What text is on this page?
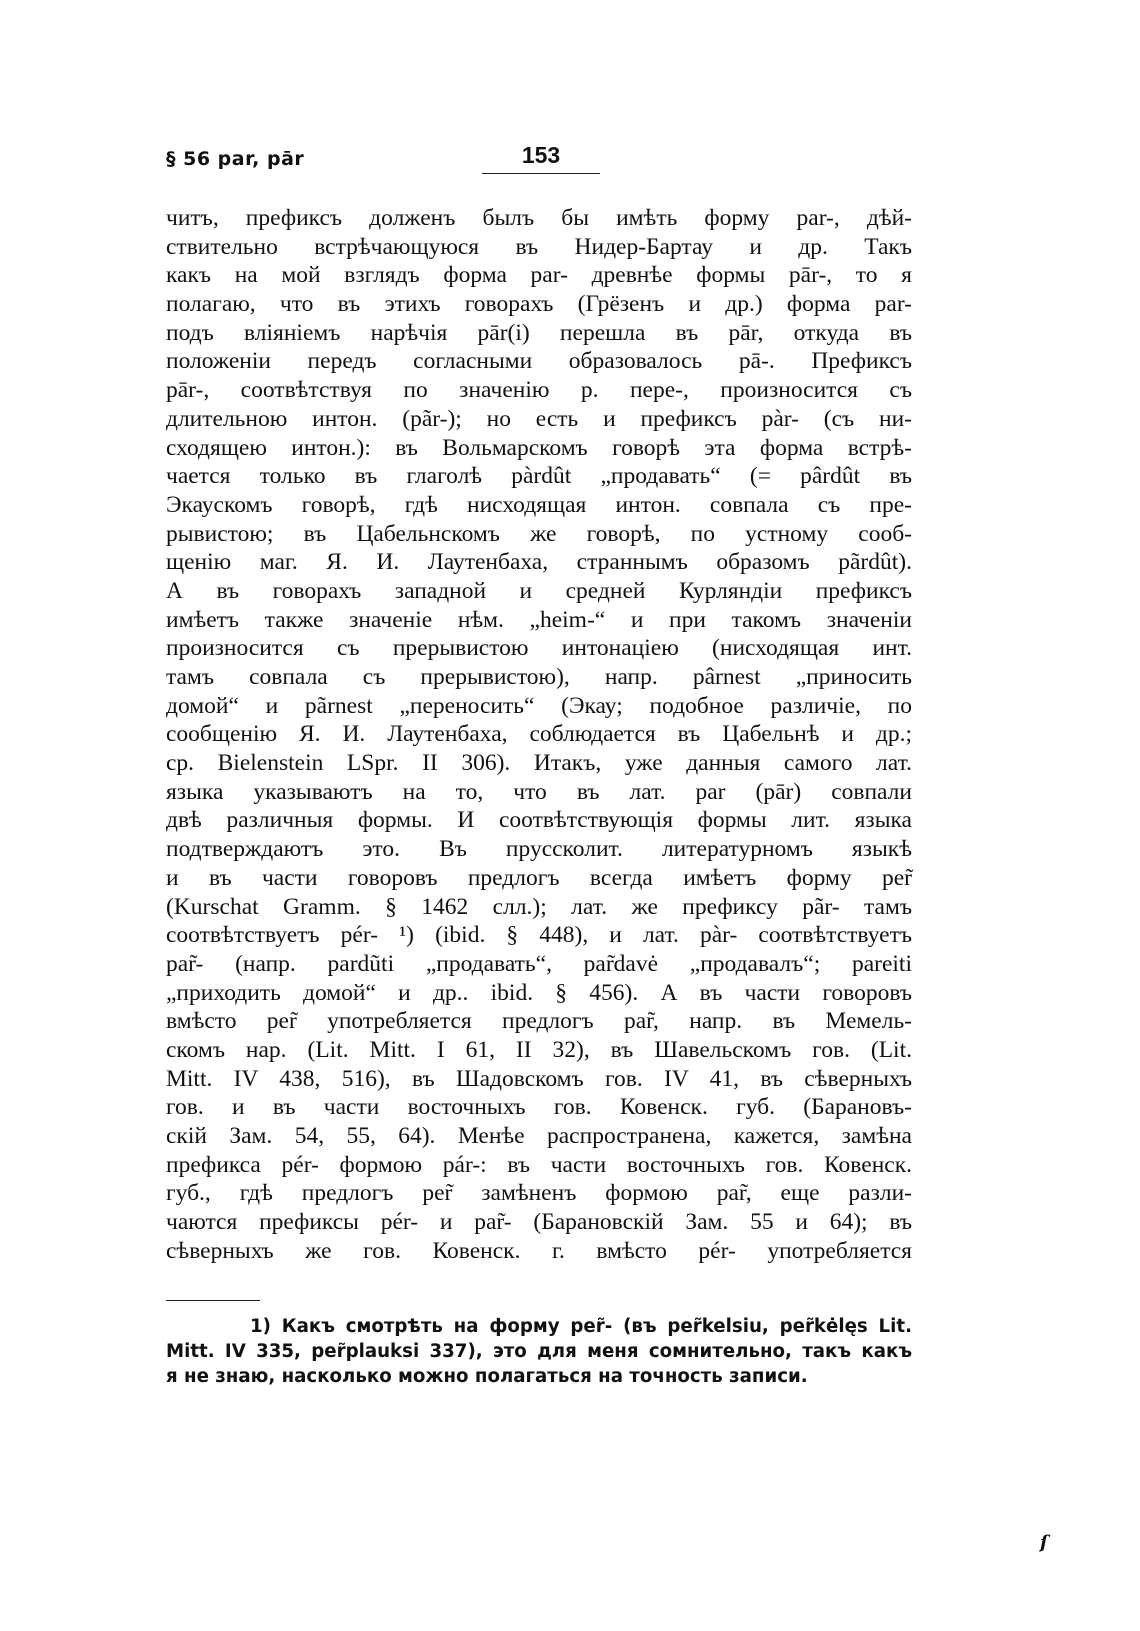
§ 56 par, pār	153
читъ, префиксъ долженъ былъ бы имѣть форму par-, дѣй-
ствительно встрѣчающуюся въ Нидер-Бартау и др. Такъ
какъ на мой взглядъ форма par- древнѣе формы pār-, то я
полагаю, что въ этихъ говорахъ (Грёзенъ и др.) форма par-
подъ вліяніемъ нарѣчія pār(i) перешла въ pār, откуда въ
положеніи передъ согласными образовалось pā-. Префиксъ
pār-, соотвѣтствуя по значенію р. пере-, произносится съ
длительною интон. (pãr-); но есть и префиксъ pàr- (съ ни-
сходящею интон.): въ Вольмарскомъ говорѣ эта форма встрѣ-
чается только въ глаголѣ pàrdût „продавать“ (= pârdût въ
Экаускомъ говорѣ, гдѣ нисходящая интон. совпала съ пре-
рывистою; въ Цабельнскомъ же говорѣ, по устному сооб-
щенію маг. Я. И. Лаутенбаха, страннымъ образомъ pãrdût).
А въ говорахъ западной и средней Курляндіи префиксъ
имѣетъ также значеніе нѣм. „heim-“ и при такомъ значеніи
произносится съ прерывистою интонаціею (нисходящая инт.
тамъ совпала съ прерывистою), напр. pârnest „приносить
домой“ и pãrnest „переносить“ (Экау; подобное различіе, по
сообщенію Я. И. Лаутенбаха, соблюдается въ Цабельнѣ и др.;
ср. Bielenstein LSpr. II 306). Итакъ, уже данныя самого лат.
языка указываютъ на то, что въ лат. par (pār) совпали
двѣ различныя формы. И соотвѣтствующія формы лит. языка
подтверждаютъ это. Въ пруссколит. литературномъ языкѣ
и въ части говоровъ предлогъ всегда имѣетъ форму per̃
(Kurschat Gramm. § 1462 слл.); лат. же префиксу pãr- тамъ
соотвѣтствуетъ pér- ¹) (ibid. § 448), и лат. pàr- соотвѣтствуетъ
par̃- (напр. pardũti „продавать“, par̃davė „продавалъ“; pareiti
„приходить домой“ и др.. ibid. § 456). А въ части говоровъ
вмѣсто per̃ употребляется предлогъ par̃, напр. въ Мемель-
скомъ нар. (Lit. Mitt. I 61, II 32), въ Шавельскомъ гов. (Lit.
Mitt. IV 438, 516), въ Шадовскомъ гов. IV 41, въ сѣверныхъ
гов. и въ части восточныхъ гов. Ковенск. губ. (Барановъ-
скій Зам. 54, 55, 64). Менѣе распространена, кажется, замѣна
префикса pér- формою pár-: въ части восточныхъ гов. Ковенск.
губ., гдѣ предлогъ per̃ замѣненъ формою par̃, еще разли-
чаются префиксы pér- и par̃- (Барановскій Зам. 55 и 64); въ
сѣверныхъ же гов. Ковенск. г. вмѣсто pér- употребляется
1) Какъ смотрѣть на форму per̃- (въ per̃kelsiu, per̃kėlęs Lit.
Mitt. IV 335, per̃plauksi 337), это для меня сомнительно, такъ какъ
я не знаю, насколько можно полагаться на точность записи.
ſ
